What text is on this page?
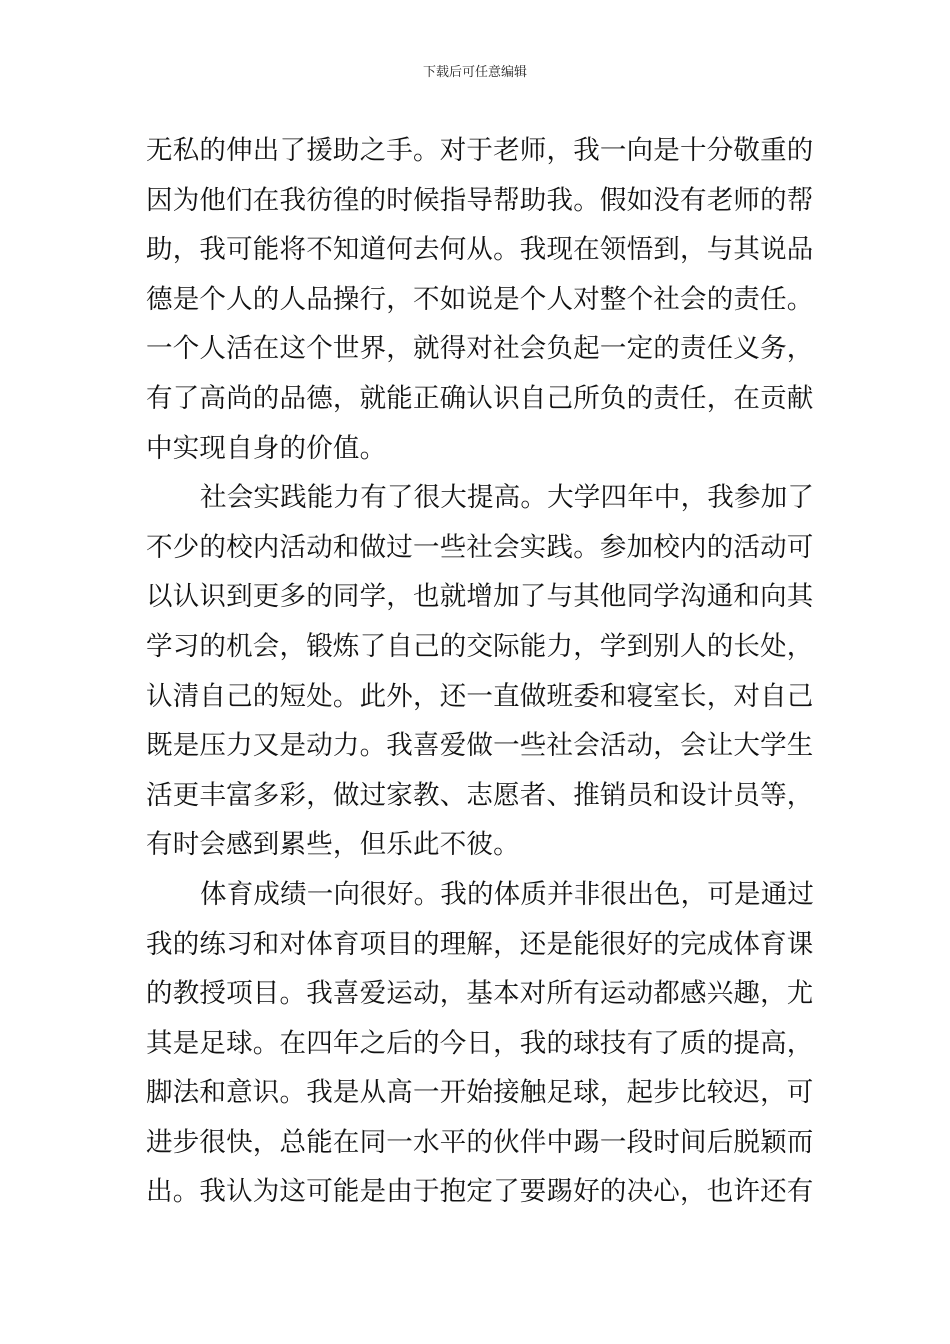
下载后可任意编辑
无私的伸出了援助之手。对于老师，我一向是十分敬重的
因为他们在我彷徨的时候指导帮助我。假如没有老师的帮
助，我可能将不知道何去何从。我现在领悟到，与其说品
德是个人的人品操行，不如说是个人对整个社会的责任。
一个人活在这个世界，就得对社会负起一定的责任义务，
有了高尚的品德，就能正确认识自己所负的责任，在贡献
中实现自身的价值。
社会实践能力有了很大提高。大学四年中，我参加了
不少的校内活动和做过一些社会实践。参加校内的活动可
以认识到更多的同学，也就增加了与其他同学沟通和向其
学习的机会，锻炼了自己的交际能力，学到别人的长处，
认清自己的短处。此外，还一直做班委和寝室长，对自己
既是压力又是动力。我喜爱做一些社会活动，会让大学生
活更丰富多彩，做过家教、志愿者、推销员和设计员等，
有时会感到累些，但乐此不彼。
体育成绩一向很好。我的体质并非很出色，可是通过
我的练习和对体育项目的理解，还是能很好的完成体育课
的教授项目。我喜爱运动，基本对所有运动都感兴趣，尤
其是足球。在四年之后的今日，我的球技有了质的提高，
脚法和意识。我是从高一开始接触足球，起步比较迟，可
进步很快，总能在同一水平的伙伴中踢一段时间后脱颖而
出。我认为这可能是由于抱定了要踢好的决心，也许还有
